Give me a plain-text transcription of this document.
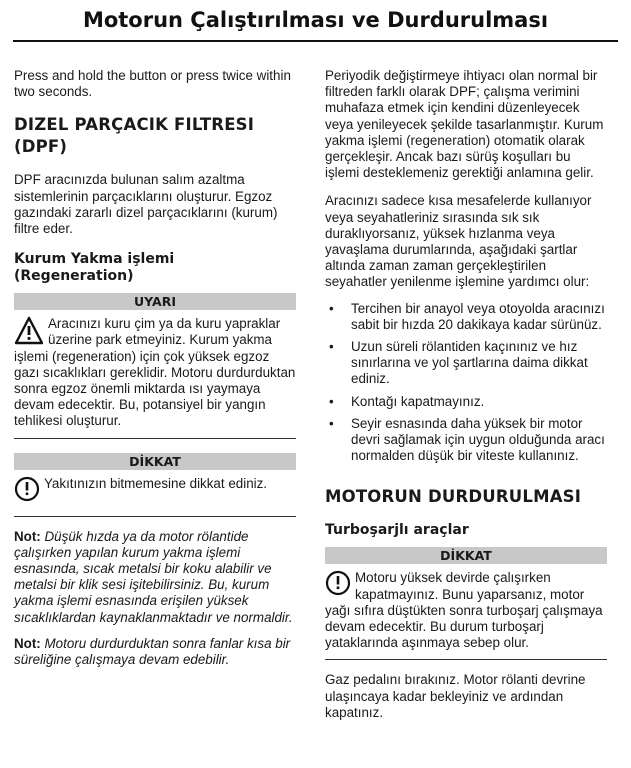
Motorun Çalıştırılması ve Durdurulması

Press and hold the button or press twice within two seconds.

DIZEL PARÇACIK FILTRESI (DPF)

DPF aracınızda bulunan salım azaltma sistemlerinin parçacıklarını oluşturur. Egzoz gazındaki zararlı dizel parçacıklarını (kurum) filtre eder.

Kurum Yakma işlemi (Regeneration)
UYARI
Aracınızı kuru çim ya da kuru yapraklar üzerine park etmeyiniz. Kurum yakma işlemi (regeneration) için çok yüksek egzoz gazı sıcaklıkları gereklidir. Motoru durdurduktan sonra egzoz önemli miktarda ısı yaymaya devam edecektir. Bu, potansiyel bir yangın tehlikesi oluşturur.
DİKKAT
Yakıtınızın bitmemesine dikkat ediniz.

Not: Düşük hızda ya da motor rölantide çalışırken yapılan kurum yakma işlemi esnasında, sıcak metalsi bir koku alabilir ve metalsi bir klik sesi işitebilirsiniz. Bu, kurum yakma işlemi esnasında erişilen yüksek sıcaklıklardan kaynaklanmaktadır ve normaldir.

Not: Motoru durdurduktan sonra fanlar kısa bir süreliğine çalışmaya devam edebilir.

Periyodik değiştirmeye ihtiyacı olan normal bir filtreden farklı olarak DPF; çalışma verimini muhafaza etmek için kendini düzenleyecek veya yenileyecek şekilde tasarlanmıştır. Kurum yakma işlemi (regeneration) otomatik olarak gerçekleşir. Ancak bazı sürüş koşulları bu işlemi desteklemeniz gerektiği anlamına gelir.

Aracınızı sadece kısa mesafelerde kullanıyor veya seyahatleriniz sırasında sık sık duraklıyorsanız, yüksek hızlanma veya yavaşlama durumlarında, aşağıdaki şartlar altında zaman zaman gerçekleştirilen seyahatler yenilenme işlemine yardımcı olur:

• Tercihen bir anayol veya otoyolda aracınızı sabit bir hızda 20 dakikaya kadar sürünüz.
• Uzun süreli rölantiden kaçınınız ve hız sınırlarına ve yol şartlarına daima dikkat ediniz.
• Kontağı kapatmayınız.
• Seyir esnasında daha yüksek bir motor devri sağlamak için uygun olduğunda aracı normalden düşük bir viteste kullanınız.
MOTORUN DURDURULMASI
Turboşarjlı araçlar
DİKKAT
Motoru yüksek devirde çalışırken kapatmayınız. Bunu yaparsanız, motor yağı sıfıra düştükten sonra turboşarj çalışmaya devam edecektir. Bu durum turboşarj yataklarında aşınmaya sebep olur.

Gaz pedalını bırakınız. Motor rölanti devrine ulaşıncaya kadar bekleyiniz ve ardından kapatınız.
